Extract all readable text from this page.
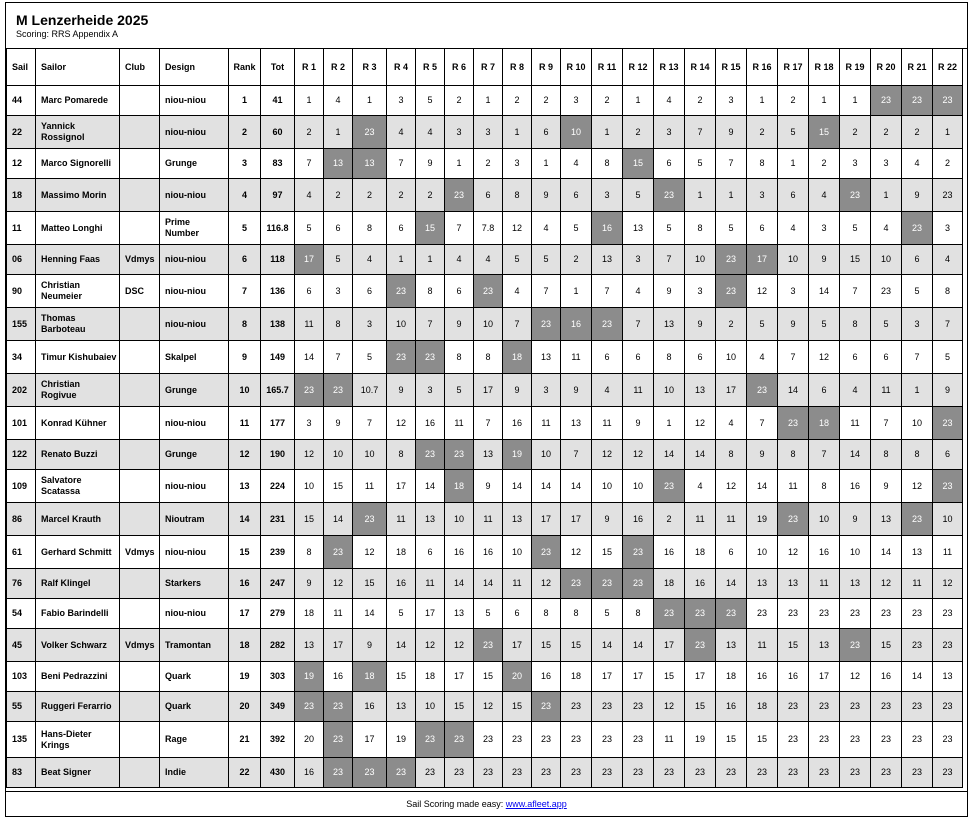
M Lenzerheide 2025
Scoring: RRS Appendix A
Sail	Sailor	Club	Design	Rank	Tot	R 1	R 2	R 3	R 4	R 5	R 6	R 7	R 8	R 9	R 10	R 11	R 12	R 13	R 14	R 15	R 16	R 17	R 18	R 19	R 20	R 21	R 22
44	Marc Pomarede		niou-niou	1	41	1	4	1	3	5	2	1	2	2	3	2	1	4	2	3	1	2	1	1	23	23	23
22	Yannick Rossignol		niou-niou	2	60	2	1	23	4	4	3	3	1	6	10	1	2	3	7	9	2	5	15	2	2	2	1
12	Marco Signorelli		Grunge	3	83	7	13	13	7	9	1	2	3	1	4	8	15	6	5	7	8	1	2	3	3	4	2
18	Massimo Morin		niou-niou	4	97	4	2	2	2	2	23	6	8	9	6	3	5	23	1	1	3	6	4	23	1	9	23
11	Matteo Longhi		Prime Number	5	116.8	5	6	8	6	15	7	7.8	12	4	5	16	13	5	8	5	6	4	3	5	4	23	3
06	Henning Faas	Vdmys	niou-niou	6	118	17	5	4	1	1	4	4	5	5	2	13	3	7	10	23	17	10	9	15	10	6	4
90	Christian Neumeier	DSC	niou-niou	7	136	6	3	6	23	8	6	23	4	7	1	7	4	9	3	23	12	3	14	7	23	5	8
155	Thomas Barboteau		niou-niou	8	138	11	8	3	10	7	9	10	7	23	16	23	7	13	9	2	5	9	5	8	5	3	7
34	Timur Kishubaiev		Skalpel	9	149	14	7	5	23	23	8	8	18	13	11	6	6	8	6	10	4	7	12	6	6	7	5
202	Christian Rogivue		Grunge	10	165.7	23	23	10.7	9	3	5	17	9	3	9	4	11	10	13	17	23	14	6	4	11	1	9
101	Konrad Kühner		niou-niou	11	177	3	9	7	12	16	11	7	16	11	13	11	9	1	12	4	7	23	18	11	7	10	23
122	Renato Buzzi		Grunge	12	190	12	10	10	8	23	23	13	19	10	7	12	12	14	14	8	9	8	7	14	8	8	6
109	Salvatore Scatassa		niou-niou	13	224	10	15	11	17	14	18	9	14	14	14	10	10	23	4	12	14	11	8	16	9	12	23
86	Marcel Krauth		Nioutram	14	231	15	14	23	11	13	10	11	13	17	17	9	16	2	11	11	19	23	10	9	13	23	10
61	Gerhard Schmitt	Vdmys	niou-niou	15	239	8	23	12	18	6	16	16	10	23	12	15	23	16	18	6	10	12	16	10	14	13	11
76	Ralf Klingel		Starkers	16	247	9	12	15	16	11	14	14	11	12	23	23	23	18	16	14	13	13	11	13	12	11	12
54	Fabio Barindelli		niou-niou	17	279	18	11	14	5	17	13	5	6	8	8	5	8	23	23	23	23	23	23	23	23	23	23
45	Volker Schwarz	Vdmys	Tramontan	18	282	13	17	9	14	12	12	23	17	15	15	14	14	17	23	13	11	15	13	23	15	23	23
103	Beni Pedrazzini		Quark	19	303	19	16	18	15	18	17	15	20	16	18	17	17	15	17	18	16	16	17	12	16	14	13
55	Ruggeri Ferarrio		Quark	20	349	23	23	16	13	10	15	12	15	23	23	23	23	12	15	16	18	23	23	23	23	23	23
135	Hans-Dieter Krings		Rage	21	392	20	23	17	19	23	23	23	23	23	23	23	23	11	19	15	15	23	23	23	23	23	23
83	Beat Signer		Indie	22	430	16	23	23	23	23	23	23	23	23	23	23	23	23	23	23	23	23	23	23	23	23	23
Sail Scoring made easy: www.afleet.app
